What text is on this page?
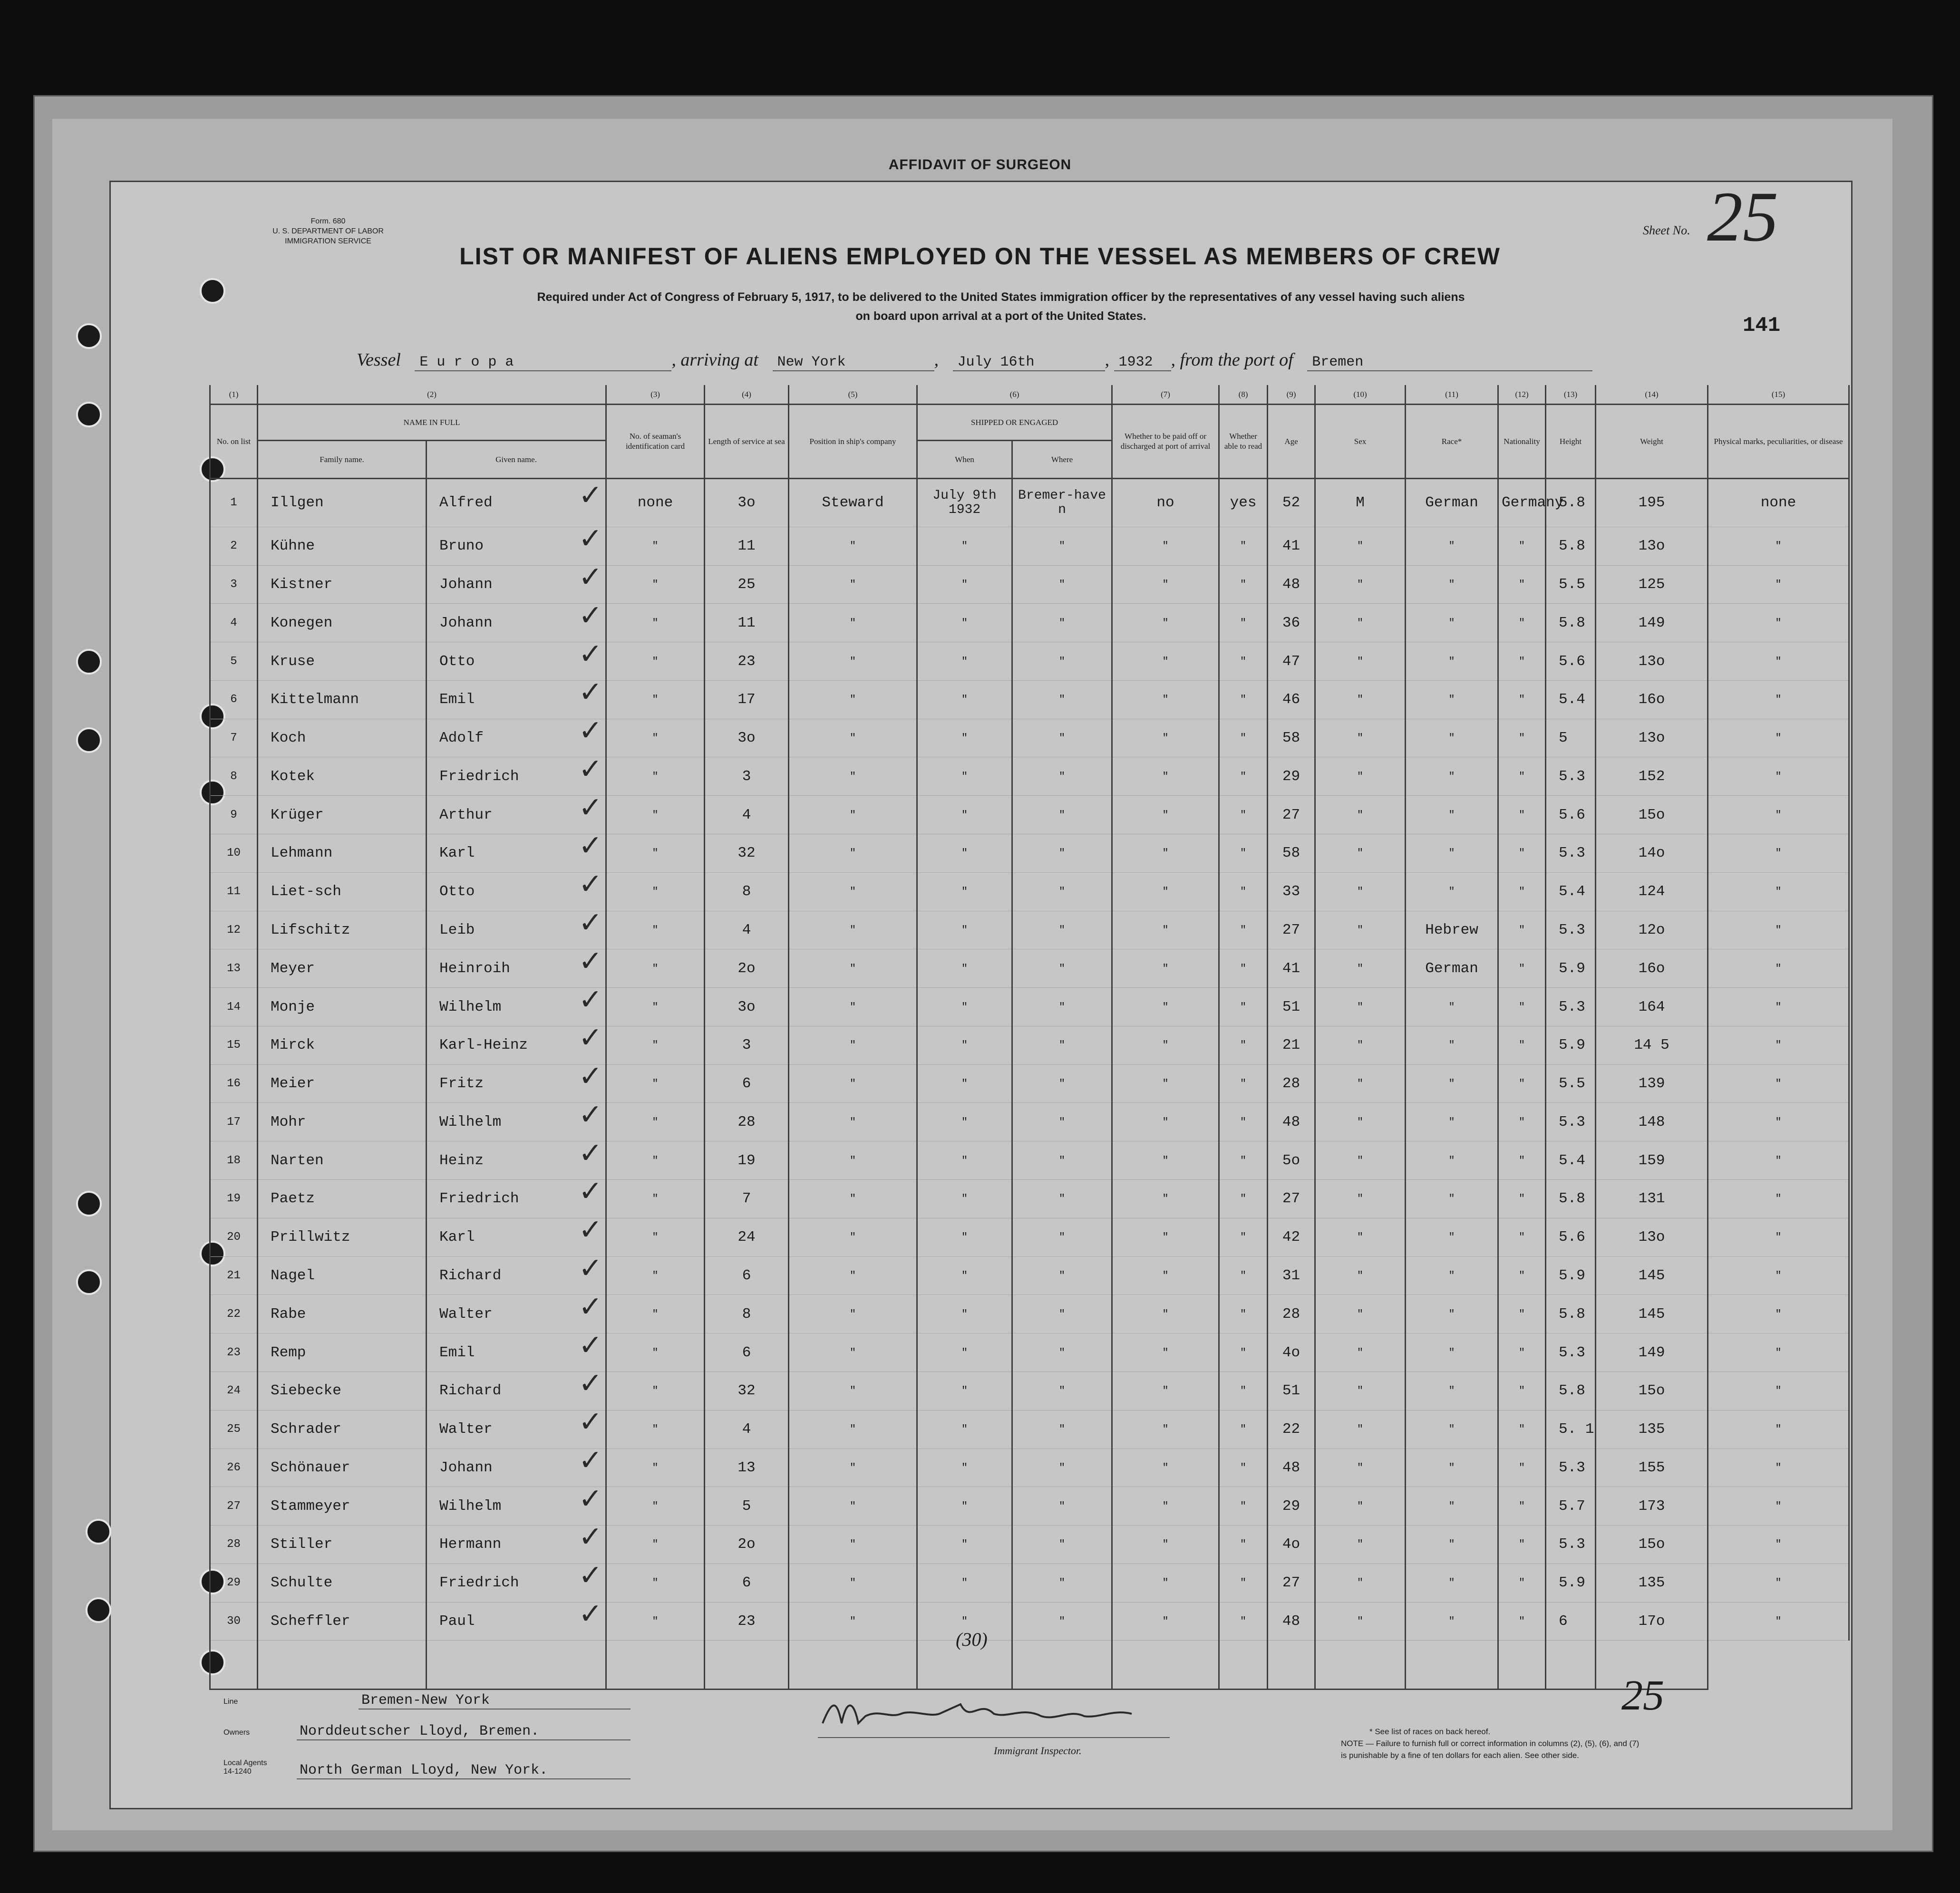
AFFIDAVIT OF SURGEON
Form. 680
U. S. DEPARTMENT OF LABOR
IMMIGRATION SERVICE
LIST OR MANIFEST OF ALIENS EMPLOYED ON THE VESSEL AS MEMBERS OF CREW
Required under Act of Congress of February 5, 1917, to be delivered to the United States immigration officer by the representatives of any vessel having such aliens
on board upon arrival at a port of the United States.
Sheet No. 25
141
Vessel E u r o p a	, arriving at New York	, July 16th	, 1932 , from the port of Bremen
(1)	(2)		(3)	(4)	(5)	(6)		(7)	(8)	(9)	(10)	(11)	(12)	(13)	(14)	(15)
No. on list	NAME IN FULL		No. of seaman's identification card	Length of service at sea	Position in ship's company	SHIPPED OR ENGAGED		Whether to be paid off or discharged at port of arrival	Whether able to read	Age	Sex	Race*	Nationality	Height	Weight	Physical marks, peculiarities, or disease
	Family name.	Given name.				When	Where									
1	Illgen	Alfred ✓	none	3o	Steward	July 9th 1932	Bremer-haven	no	yes	52	M	German	Germany	5.8	195	none
2	Kühne	Bruno ✓	"	11	"	"	"	"	"	41	"	"	"	5.8	13o	"
3	Kistner	Johann ✓	"	25	"	"	"	"	"	48	"	"	"	5.5	125	"
4	Konegen	Johann ✓	"	11	"	"	"	"	"	36	"	"	"	5.8	149	"
5	Kruse	Otto ✓	"	23	"	"	"	"	"	47	"	"	"	5.6	13o	"
6	Kittelmann	Emil ✓	"	17	"	"	"	"	"	46	"	"	"	5.4	16o	"
7	Koch	Adolf ✓	"	3o	"	"	"	"	"	58	"	"	"	5	13o	"
8	Kotek	Friedrich ✓	"	3	"	"	"	"	"	29	"	"	"	5.3	152	"
9	Krüger	Arthur ✓	"	4	"	"	"	"	"	27	"	"	"	5.6	15o	"
10	Lehmann	Karl ✓	"	32	"	"	"	"	"	58	"	"	"	5.3	14o	"
11	Liet-sch	Otto ✓	"	8	"	"	"	"	"	33	"	"	"	5.4	124	"
12	Lifschitz	Leib ✓	"	4	"	"	"	"	"	27	"	Hebrew	"	5.3	12o	"
13	Meyer	Heinroih ✓	"	2o	"	"	"	"	"	41	"	German	"	5.9	16o	"
14	Monje	Wilhelm ✓	"	3o	"	"	"	"	"	51	"	"	"	5.3	164	"
15	Mirck	Karl-Heinz ✓	"	3	"	"	"	"	"	21	"	"	"	5.9	14 5	"
16	Meier	Fritz ✓	"	6	"	"	"	"	"	28	"	"	"	5.5	139	"
17	Mohr	Wilhelm ✓	"	28	"	"	"	"	"	48	"	"	"	5.3	148	"
18	Narten	Heinz ✓	"	19	"	"	"	"	"	5o	"	"	"	5.4	159	"
19	Paetz	Friedrich ✓	"	7	"	"	"	"	"	27	"	"	"	5.8	131	"
20	Prillwitz	Karl ✓	"	24	"	"	"	"	"	42	"	"	"	5.6	13o	"
21	Nagel	Richard ✓	"	6	"	"	"	"	"	31	"	"	"	5.9	145	"
22	Rabe	Walter ✓	"	8	"	"	"	"	"	28	"	"	"	5.8	145	"
23	Remp	Emil ✓	"	6	"	"	"	"	"	4o	"	"	"	5.3	149	"
24	Siebecke	Richard ✓	"	32	"	"	"	"	"	51	"	"	"	5.8	15o	"
25	Schrader	Walter ✓	"	4	"	"	"	"	"	22	"	"	"	5. 1	135	"
26	Schönauer	Johann ✓	"	13	"	"	"	"	"	48	"	"	"	5.3	155	"
27	Stammeyer	Wilhelm ✓	"	5	"	"	"	"	"	29	"	"	"	5.7	173	"
28	Stiller	Hermann ✓	"	2o	"	"	"	"	"	4o	"	"	"	5.3	15o	"
29	Schulte	Friedrich ✓	"	6	"	"	"	"	"	27	"	"	"	5.9	135	"
30	Scheffler	Paul ✓	"	23	"	"	"	"	"	48	"	"	"	6	17o	"

(30)
Line	Bremen-New York
Owners	Norddeutscher Lloyd, Bremen.
Local Agents
14-1240	North German Lloyd, New York.
Immigrant Inspector.
* See list of races on back hereof.
NOTE — Failure to furnish full or correct information in columns (2), (5), (6), and (7)
is punishable by a fine of ten dollars for each alien. See other side.
25
